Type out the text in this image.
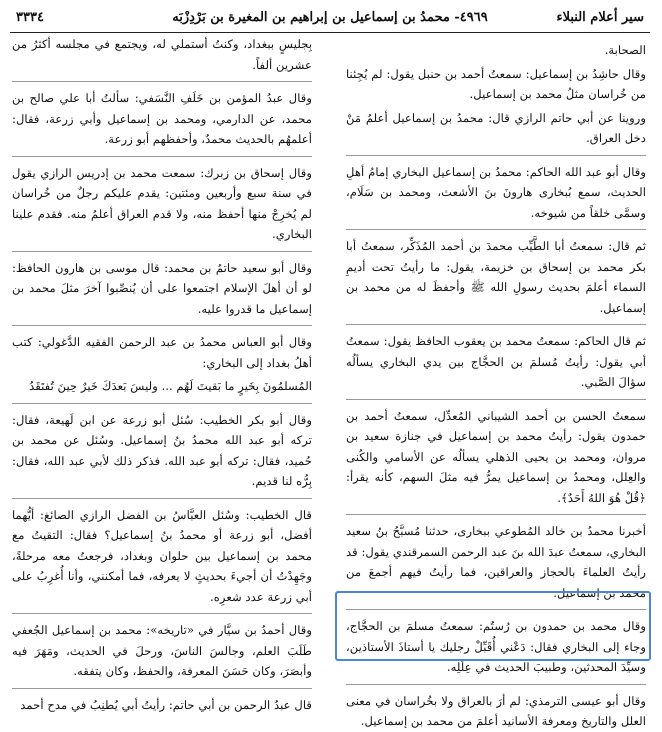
سير أعلام النبلاء
٤٩٦٩- محمدُ بن إسماعيل بن إبراهيم بن المغيرة بن بَرْدِزْبَه
٣٣٣٤

الصحابة.

وقال حاشِدُ بن إسماعيل: سمعتُ أحمد بن حنبل يقول: لم يُجِئنا من خُراسان مثلُ محمد بن إسماعيل.

وروينا عن أبي حاتم الرازي قال: محمدُ بن إسماعيل أعلمُ مَنْ دخل العراق.

وقال أبو عبد الله الحاكم: محمدُ بن إسماعيل البخاري إمامُ أهلِ الحديث، سمع بُبخارى هارونَ بنَ الأشعث، ومحمد بن سَلَام، وسمَّى خلقاً من شيوخه.

ثم قال: سمعتُ أبا الطَّيِّب محمدَ بن أحمد المُذَكِّر، سمعتُ أبا بكر محمد بن إسحاق بن خزيمة، يقول: ما رأيتُ تحت أديمِ السماء أعلمَ بحديث رسولِ الله ﷺ وأحفظَ له من محمد بن إسماعيل.

ثم قال الحاكم: سمعتُ محمد بن يعقوب الحافظ يقول: سمعتُ أبي يقول: رأيتُ مُسلمَ بن الحجَّاج بين يدي البخاري يسألُه سؤالَ الصَّبي.

سمعتُ الحسن بن أحمد الشيباني المُعدِّل، سمعتُ أحمد بن حمدون يقول: رأيتُ محمد بن إسماعيل في جنازة سعيد بن مروان، ومحمد بن يحيى الذهلي يسألُه عن الأسامي والكُنى والعِلل، ومحمدُ بن إسماعيل يمرُّ فيه مثلَ السهم، كأنه يقرأ: ﴿قُلْ هُوَ اللهُ أَحَدٌ﴾.

أخبرنا محمدُ بن خالد المُطوعي ببخارى، حدثنا مُسبَّحُ بنُ سعيد البخاري، سمعتُ عبدَ الله بنَ عبد الرحمن السمرقندي يقول: قد رأيتُ العلماءَ بالحجاز والعراقين، فما رأيتُ فيهم أجمعَ من محمد بن إسماعيل.

وقال محمد بن حمدون بن رُستُم: سمعتُ مسلمَ بن الحجَّاج، وجاء إلى البخاري فقال: دَعْني أُقَبِّلْ رجليك يا أستاذَ الأستاذين، وسيِّدَ المحدثين، وطبيبَ الحديث في عِلَلِه.

وقال أبو عيسى الترمذي: لم أرَ بالعراق ولا بخُراسان في معنى العلل والتاريخ ومعرفة الأسانيد أعلمَ من محمد بن إسماعيل.

بِجليسٍ ببغداد، وكنتُ أستملي له، ويجتمع في مجلسه أكثرُ من عشرين ألفاً.

وقال عبدُ المؤمن بن خَلَفِ النَّسَفي: سألتُ أبا علي صالح بن محمد، عن الدارمي، ومحمد بن إسماعيل وأبي زرعة، فقال: أعلمهُم بالحديث محمدٌ، وأحفظهم أبو زرعة.

وقال إسحاق بن زبرك: سمعت محمد بن إدريس الرازي يقول في سنة سبع وأربعين ومئتين: يقدم عليكم رجلٌ من خُراسان لم يُخرِجْ منها أحفظ منه، ولا قدم العراق أعلمُ منه. فقدم علينا البخاري.

وقال أبو سعيد حاتمُ بن محمد: قال موسى بن هارون الحافظ: لو أن أهلَ الإسلام اجتمعوا على أن يُنصِّبوا آخرَ مثلَ محمد بن إسماعيل ما قدروا عليه.

وقال أبو العباس محمدُ بن عبد الرحمن الفقيه الدَّغولي: كتب أهلُ بغداد إلى البخاري:

المُسلمُونَ بِخَيرٍ ما بَقيتَ لَهُم ... وليسَ بَعدَكَ خَيرٌ حِينَ تُفتَقَدُ

وقال أبو بكر الخطيب: سُئل أبو زرعة عن ابن لَهيعة، فقال: تركه أبو عبد الله محمدُ بنُ إسماعيل. وسُئل عن محمد بن حُميد، فقال: تركه أبو عبد الله. فذكر ذلك لأبي عبد الله، فقال: بِرُّه لنا قديم.

قال الخطيب: وسُئل العبَّاسُ بن الفضل الرازي الصائغ: أيُّهما أفضل، أبو زرعة أو محمدُ بنُ إسماعيل؟ فقال: التقيتُ مع محمد بن إسماعيل بين حلوان وبغداد، فرجعتُ معه مرحلةً، وجَهِدْتُ أن أجيءَ بحديثٍ لا يعرفه، فما أمكنني، وأنا أُغرِبُ على أبي زرعة عدد شعرِه.

وقال أحمدُ بن سيَّار في «تاريخه»: محمد بن إسماعيل الجُعفي طَلَبَ العلم، وجالسَ الناسَ، ورحلَ في الحديث، ومَهَرَ فيه وأبصَرَ، وكان حَسَنَ المعرفة، والحفظ، وكان يتفقه.

قال عبدُ الرحمن بن أبي حاتم: رأيتُ أبي يُطنِبُ في مدح أحمد
